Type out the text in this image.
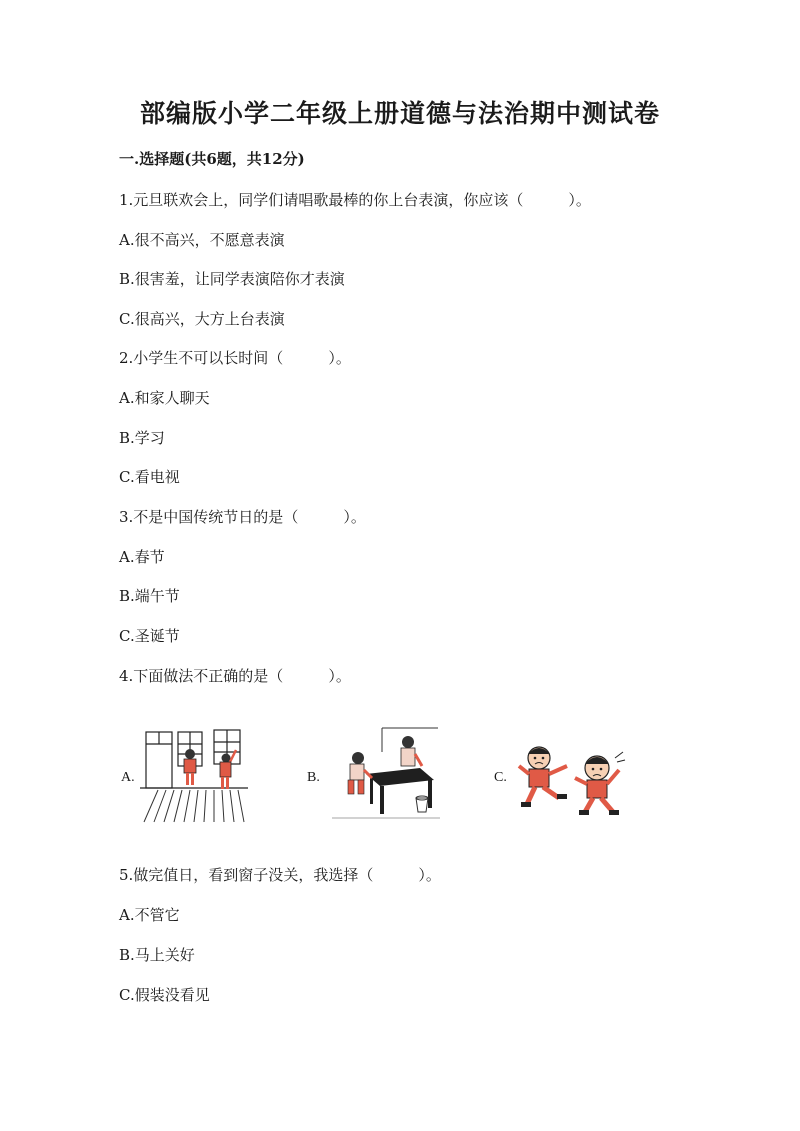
部编版小学二年级上册道德与法治期中测试卷
一.选择题(共6题，共12分)
1.元旦联欢会上，同学们请唱歌最棒的你上台表演，你应该（　　　）。
A.很不高兴，不愿意表演
B.很害羞，让同学表演陪你才表演
C.很高兴，大方上台表演
2.小学生不可以长时间（　　　）。
A.和家人聊天
B.学习
C.看电视
3.不是中国传统节日的是（　　　）。
A.春节
B.端午节
C.圣诞节
4.下面做法不正确的是（　　　）。
A.	B.	C.
5.做完值日，看到窗子没关，我选择（　　　）。
A.不管它
B.马上关好
C.假装没看见
